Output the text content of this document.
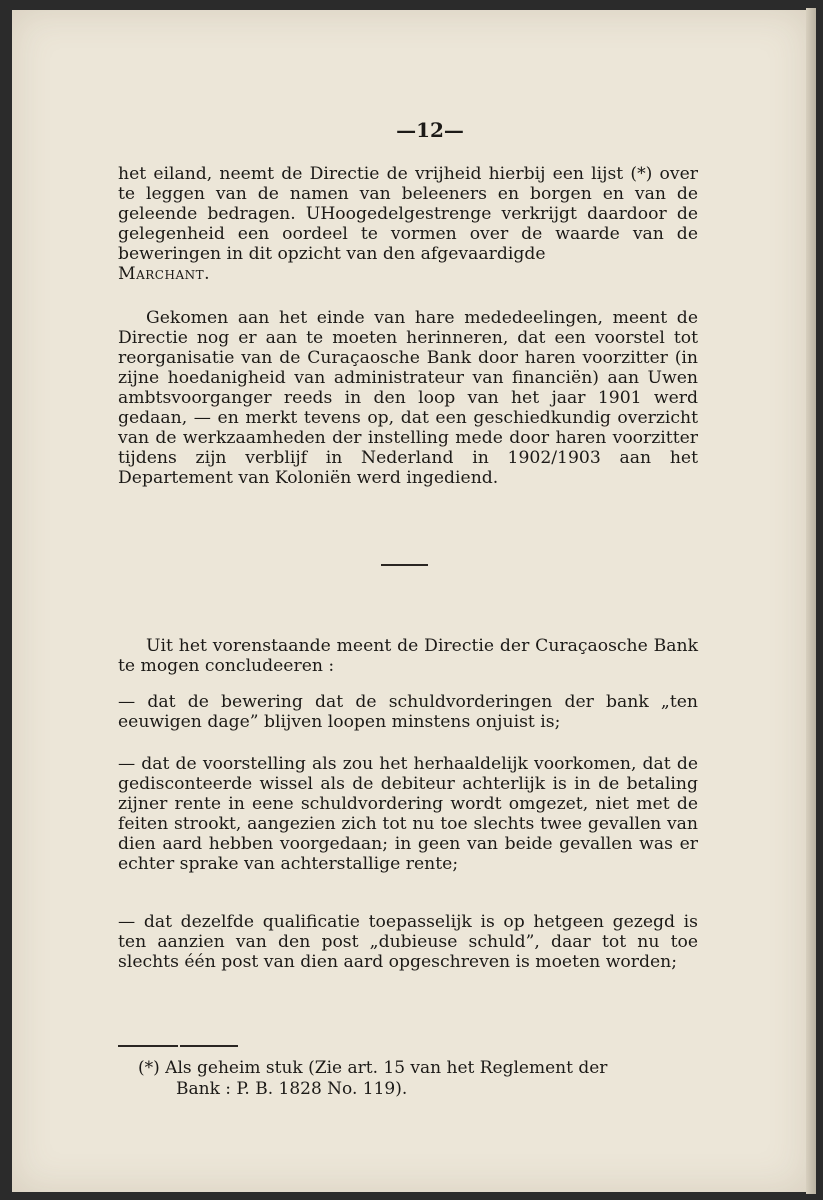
—12—

het eiland, neemt de Directie de vrijheid hierbij een lijst (*) over te leggen van de namen van beleeners en borgen en van de geleende bedragen. UHoogedelgestrenge verkrijgt daardoor de gelegenheid een oordeel te vormen over de waarde van de beweringen in dit opzicht van den afgevaardigde
Marchant.

Gekomen aan het einde van hare mededeelingen, meent de Directie nog er aan te moeten herinneren, dat een voorstel tot reorganisatie van de Curaçaosche Bank door haren voorzitter (in zijne hoedanigheid van administrateur van financiën) aan Uwen ambtsvoorganger reeds in den loop van het jaar 1901 werd gedaan, — en merkt tevens op, dat een geschiedkundig overzicht van de werkzaamheden der instelling mede door haren voorzitter tijdens zijn verblijf in Nederland in 1902/1903 aan het Departement van Koloniën werd ingediend.

Uit het vorenstaande meent de Directie der Curaçaosche Bank te mogen concludeeren :

— dat de bewering dat de schuldvorderingen der bank „ten eeuwigen dage” blijven loopen minstens onjuist is;

— dat de voorstelling als zou het herhaaldelijk voorkomen, dat de gedisconteerde wissel als de debiteur achterlijk is in de betaling zijner rente in eene schuldvordering wordt omgezet, niet met de feiten strookt, aangezien zich tot nu toe slechts twee gevallen van dien aard hebben voorgedaan; in geen van beide gevallen was er echter sprake van achterstallige rente;

— dat dezelfde qualificatie toepasselijk is op hetgeen gezegd is ten aanzien van den post „dubieuse schuld”, daar tot nu toe slechts één post van dien aard opgeschreven is moeten worden;

(*) Als geheim stuk (Zie art. 15 van het Reglement der
Bank : P. B. 1828 No. 119).
